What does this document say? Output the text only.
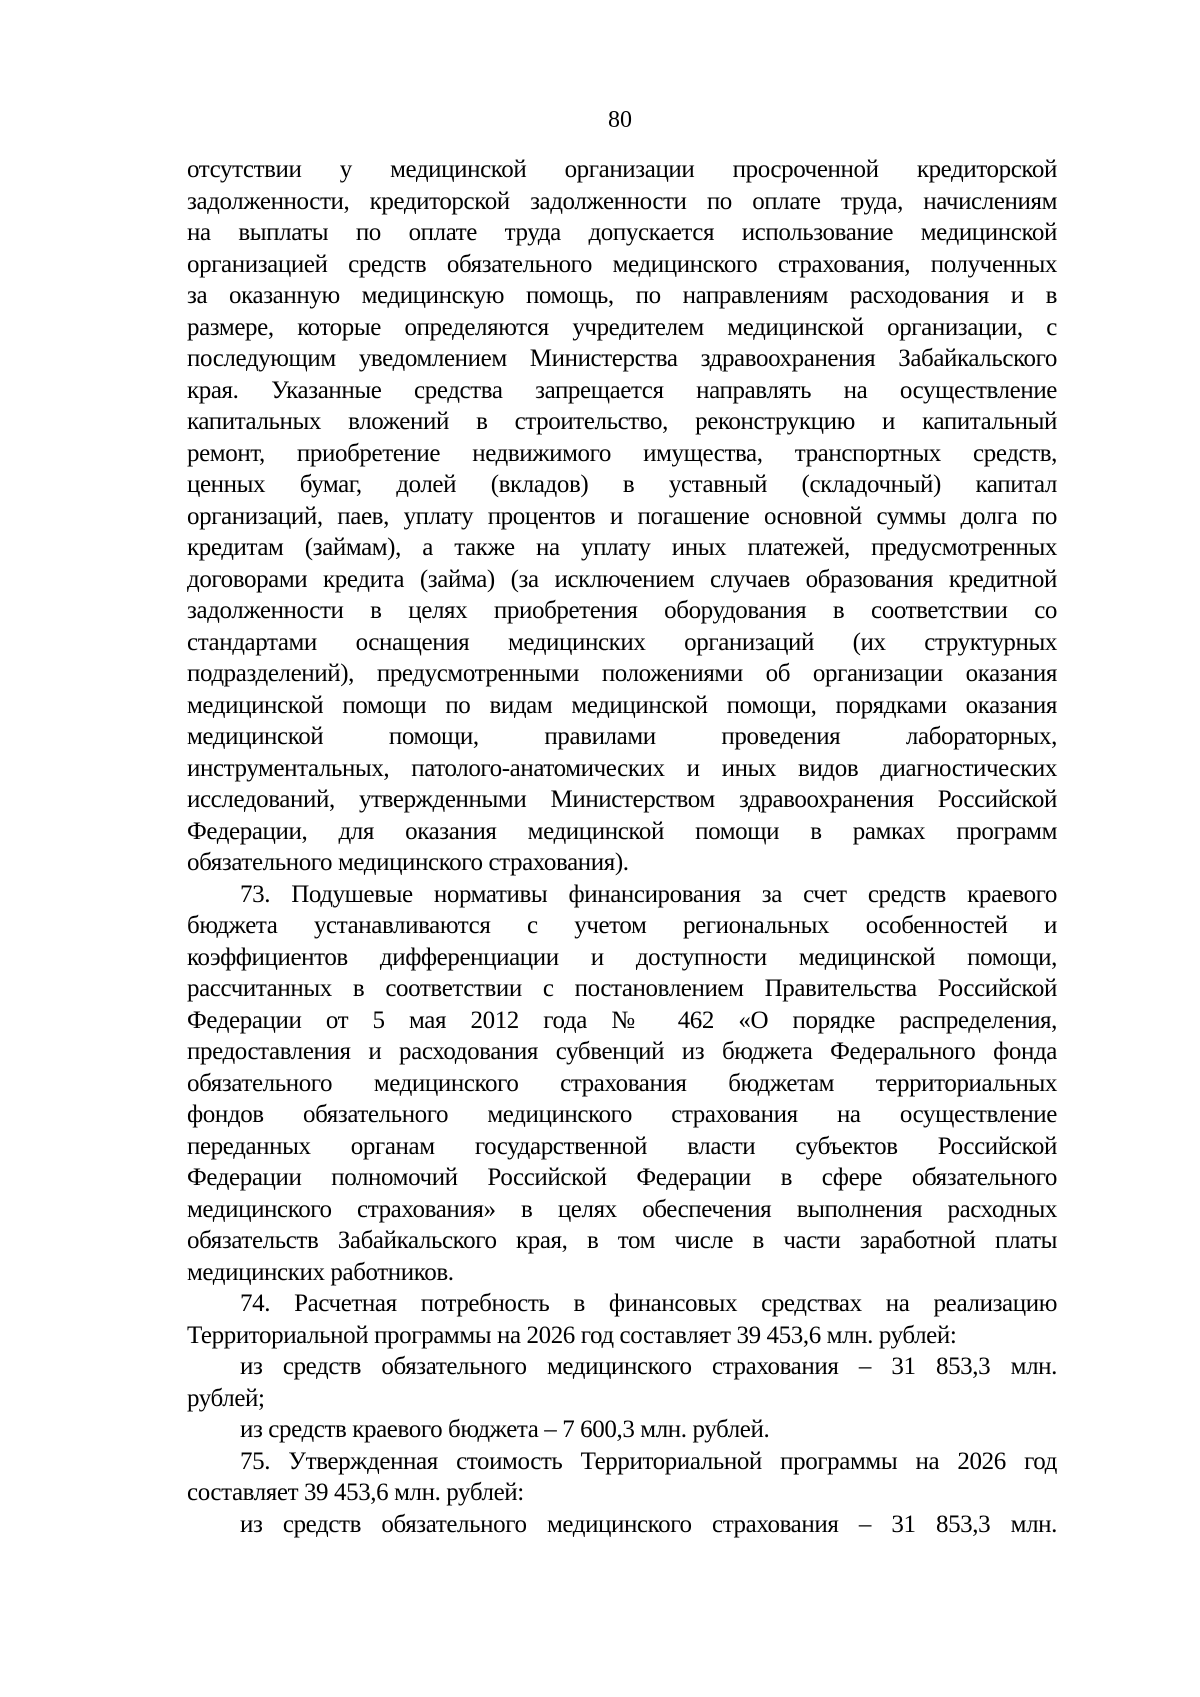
80
отсутствии у медицинской организации просроченной кредиторской
задолженности, кредиторской задолженности по оплате труда, начислениям
на выплаты по оплате труда допускается использование медицинской
организацией средств обязательного медицинского страхования, полученных
за оказанную медицинскую помощь, по направлениям расходования и в
размере, которые определяются учредителем медицинской организации, с
последующим уведомлением Министерства здравоохранения Забайкальского
края. Указанные средства запрещается направлять на осуществление
капитальных вложений в строительство, реконструкцию и капитальный
ремонт, приобретение недвижимого имущества, транспортных средств,
ценных бумаг, долей (вкладов) в уставный (складочный) капитал
организаций, паев, уплату процентов и погашение основной суммы долга по
кредитам (займам), а также на уплату иных платежей, предусмотренных
договорами кредита (займа) (за исключением случаев образования кредитной
задолженности в целях приобретения оборудования в соответствии со
стандартами оснащения медицинских организаций (их структурных
подразделений), предусмотренными положениями об организации оказания
медицинской помощи по видам медицинской помощи, порядками оказания
медицинской помощи, правилами проведения лабораторных,
инструментальных, патолого-анатомических и иных видов диагностических
исследований, утвержденными Министерством здравоохранения Российской
Федерации, для оказания медицинской помощи в рамках программ
обязательного медицинского страхования).
73. Подушевые нормативы финансирования за счет средств краевого
бюджета устанавливаются с учетом региональных особенностей и
коэффициентов дифференциации и доступности медицинской помощи,
рассчитанных в соответствии с постановлением Правительства Российской
Федерации от 5 мая 2012 года № 462 «О порядке распределения,
предоставления и расходования субвенций из бюджета Федерального фонда
обязательного медицинского страхования бюджетам территориальных
фондов обязательного медицинского страхования на осуществление
переданных органам государственной власти субъектов Российской
Федерации полномочий Российской Федерации в сфере обязательного
медицинского страхования» в целях обеспечения выполнения расходных
обязательств Забайкальского края, в том числе в части заработной платы
медицинских работников.
74. Расчетная потребность в финансовых средствах на реализацию
Территориальной программы на 2026 год составляет 39 453,6 млн. рублей:
из средств обязательного медицинского страхования – 31 853,3 млн.
рублей;
из средств краевого бюджета – 7 600,3 млн. рублей.
75. Утвержденная стоимость Территориальной программы на 2026 год
составляет 39 453,6 млн. рублей:
из средств обязательного медицинского страхования – 31 853,3 млн.
